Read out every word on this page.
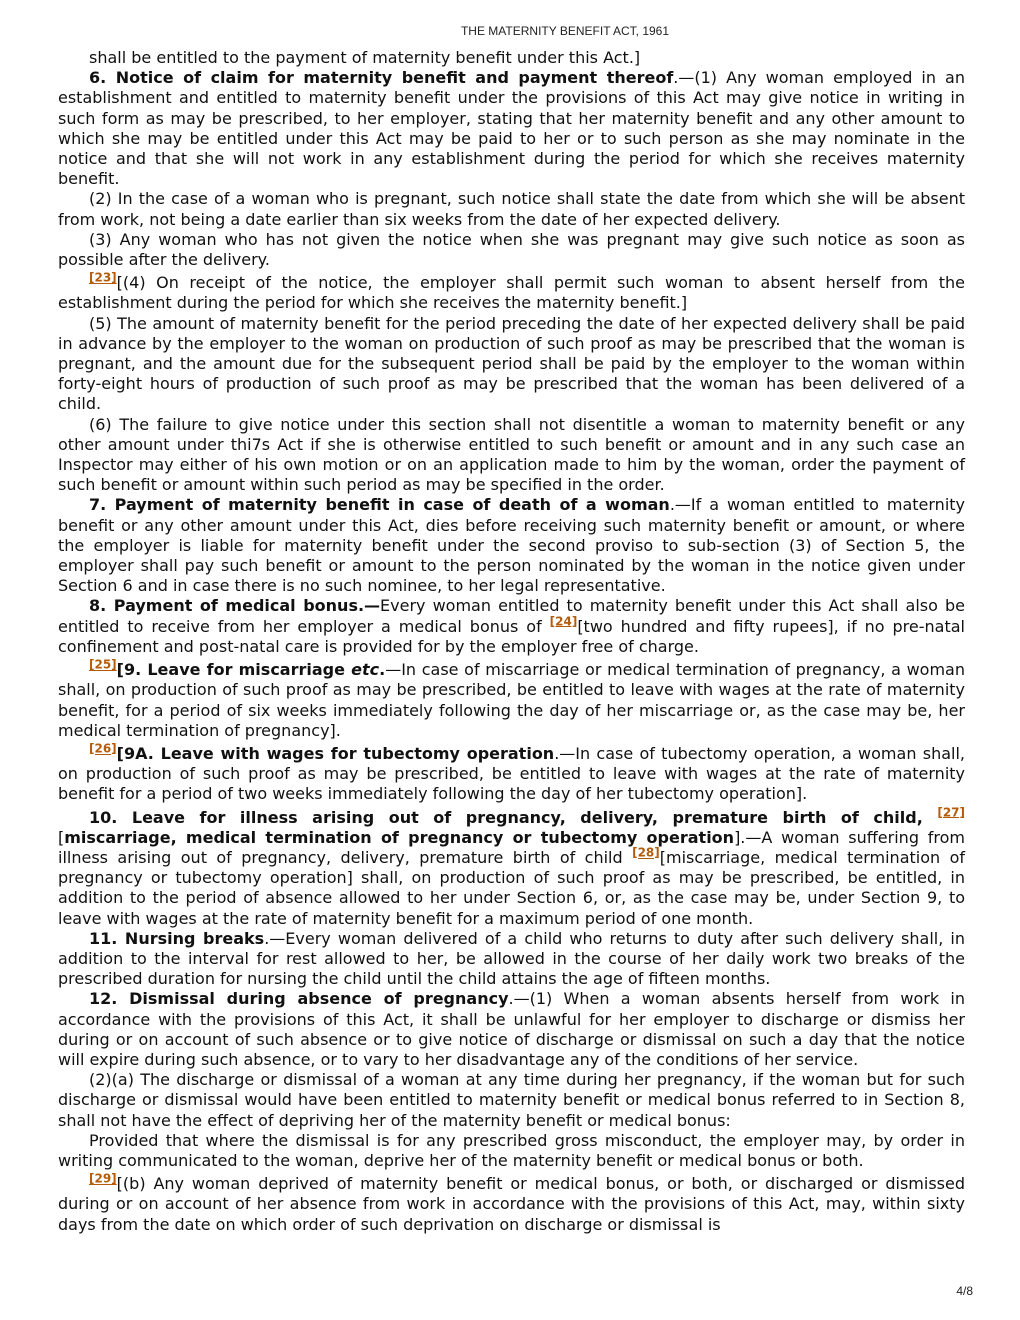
THE MATERNITY BENEFIT ACT, 1961

shall be entitled to the payment of maternity benefit under this Act.]

6. Notice of claim for maternity benefit and payment thereof.—(1) Any woman employed in an establishment and entitled to maternity benefit under the provisions of this Act may give notice in writing in such form as may be prescribed, to her employer, stating that her maternity benefit and any other amount to which she may be entitled under this Act may be paid to her or to such person as she may nominate in the notice and that she will not work in any establishment during the period for which she receives maternity benefit.

(2) In the case of a woman who is pregnant, such notice shall state the date from which she will be absent from work, not being a date earlier than six weeks from the date of her expected delivery.

(3) Any woman who has not given the notice when she was pregnant may give such notice as soon as possible after the delivery.

[23][(4) On receipt of the notice, the employer shall permit such woman to absent herself from the establishment during the period for which she receives the maternity benefit.]

(5) The amount of maternity benefit for the period preceding the date of her expected delivery shall be paid in advance by the employer to the woman on production of such proof as may be prescribed that the woman is pregnant, and the amount due for the subsequent period shall be paid by the employer to the woman within forty-eight hours of production of such proof as may be prescribed that the woman has been delivered of a child.

(6) The failure to give notice under this section shall not disentitle a woman to maternity benefit or any other amount under thi7s Act if she is otherwise entitled to such benefit or amount and in any such case an Inspector may either of his own motion or on an application made to him by the woman, order the payment of such benefit or amount within such period as may be specified in the order.

7. Payment of maternity benefit in case of death of a woman.—If a woman entitled to maternity benefit or any other amount under this Act, dies before receiving such maternity benefit or amount, or where the employer is liable for maternity benefit under the second proviso to sub-section (3) of Section 5, the employer shall pay such benefit or amount to the person nominated by the woman in the notice given under Section 6 and in case there is no such nominee, to her legal representative.

8. Payment of medical bonus.—Every woman entitled to maternity benefit under this Act shall also be entitled to receive from her employer a medical bonus of [24][two hundred and fifty rupees], if no pre-natal confinement and post-natal care is provided for by the employer free of charge.

[25][9. Leave for miscarriage etc.—In case of miscarriage or medical termination of pregnancy, a woman shall, on production of such proof as may be prescribed, be entitled to leave with wages at the rate of maternity benefit, for a period of six weeks immediately following the day of her miscarriage or, as the case may be, her medical termination of pregnancy].

[26][9A. Leave with wages for tubectomy operation.—In case of tubectomy operation, a woman shall, on production of such proof as may be prescribed, be entitled to leave with wages at the rate of maternity benefit for a period of two weeks immediately following the day of her tubectomy operation].

10. Leave for illness arising out of pregnancy, delivery, premature birth of child, [27] [miscarriage, medical termination of pregnancy or tubectomy operation].—A woman suffering from illness arising out of pregnancy, delivery, premature birth of child [28][miscarriage, medical termination of pregnancy or tubectomy operation] shall, on production of such proof as may be prescribed, be entitled, in addition to the period of absence allowed to her under Section 6, or, as the case may be, under Section 9, to leave with wages at the rate of maternity benefit for a maximum period of one month.

11. Nursing breaks.—Every woman delivered of a child who returns to duty after such delivery shall, in addition to the interval for rest allowed to her, be allowed in the course of her daily work two breaks of the prescribed duration for nursing the child until the child attains the age of fifteen months.

12. Dismissal during absence of pregnancy.—(1) When a woman absents herself from work in accordance with the provisions of this Act, it shall be unlawful for her employer to discharge or dismiss her during or on account of such absence or to give notice of discharge or dismissal on such a day that the notice will expire during such absence, or to vary to her disadvantage any of the conditions of her service.

(2)(a) The discharge or dismissal of a woman at any time during her pregnancy, if the woman but for such discharge or dismissal would have been entitled to maternity benefit or medical bonus referred to in Section 8, shall not have the effect of depriving her of the maternity benefit or medical bonus:

Provided that where the dismissal is for any prescribed gross misconduct, the employer may, by order in writing communicated to the woman, deprive her of the maternity benefit or medical bonus or both.

[29][(b) Any woman deprived of maternity benefit or medical bonus, or both, or discharged or dismissed during or on account of her absence from work in accordance with the provisions of this Act, may, within sixty days from the date on which order of such deprivation on discharge or dismissal is

4/8
